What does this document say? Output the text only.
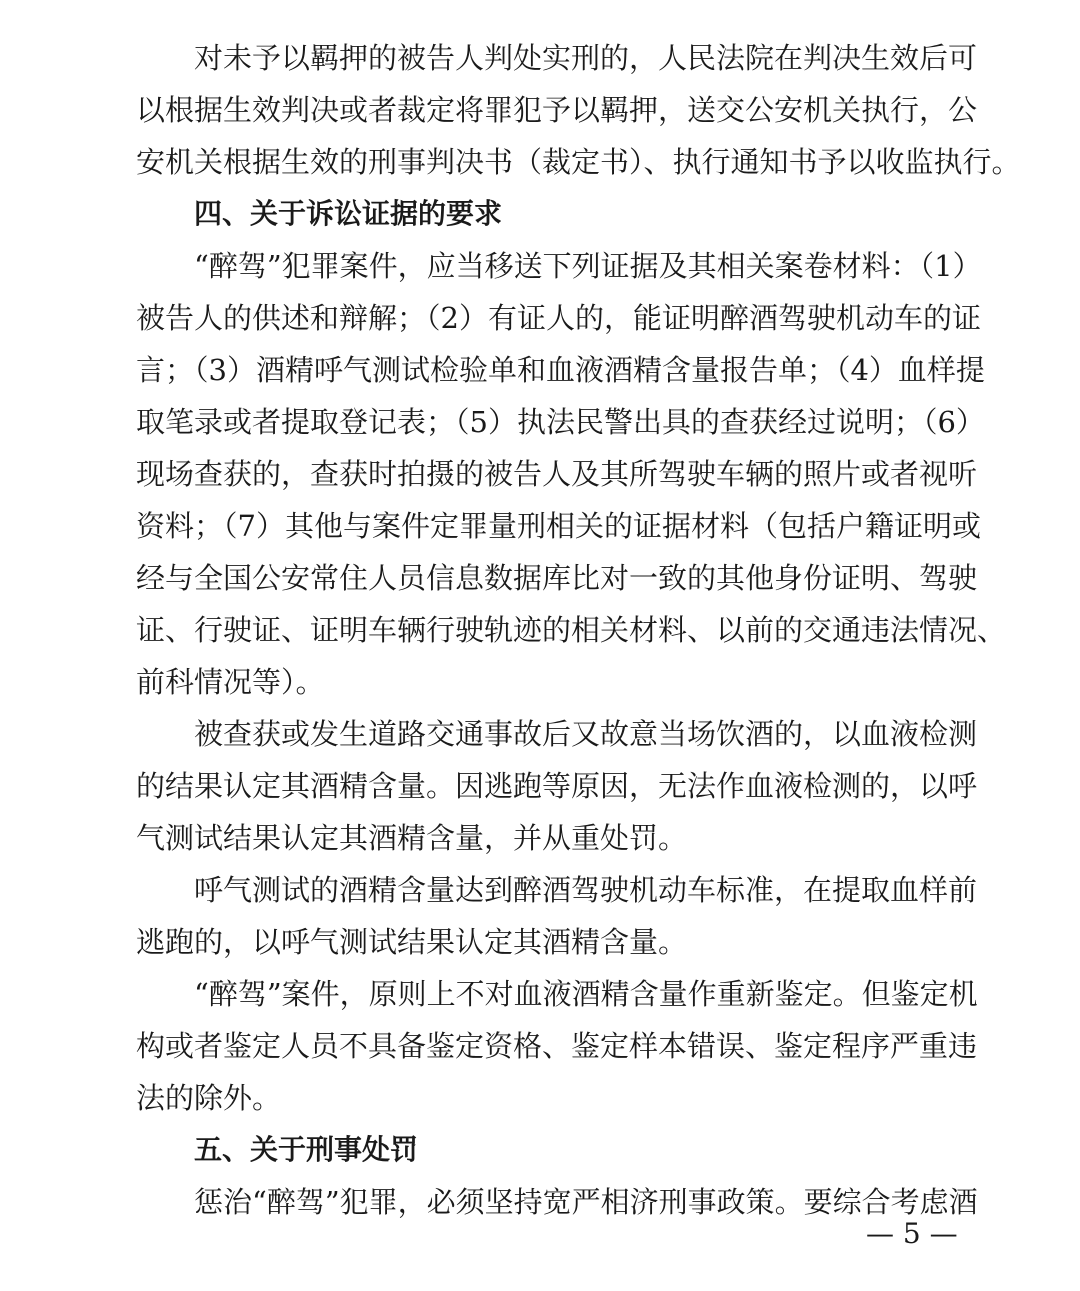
对未予以羁押的被告人判处实刑的，人民法院在判决生效后可
以根据生效判决或者裁定将罪犯予以羁押，送交公安机关执行，公
安机关根据生效的刑事判决书（裁定书）、执行通知书予以收监执行。
四、关于诉讼证据的要求
“醉驾”犯罪案件，应当移送下列证据及其相关案卷材料：（1）
被告人的供述和辩解；（2）有证人的，能证明醉酒驾驶机动车的证
言；（3）酒精呼气测试检验单和血液酒精含量报告单；（4）血样提
取笔录或者提取登记表；（5）执法民警出具的查获经过说明；（6）
现场查获的，查获时拍摄的被告人及其所驾驶车辆的照片或者视听
资料；（7）其他与案件定罪量刑相关的证据材料（包括户籍证明或
经与全国公安常住人员信息数据库比对一致的其他身份证明、驾驶
证、行驶证、证明车辆行驶轨迹的相关材料、以前的交通违法情况、
前科情况等）。
被查获或发生道路交通事故后又故意当场饮酒的，以血液检测
的结果认定其酒精含量。因逃跑等原因，无法作血液检测的，以呼
气测试结果认定其酒精含量，并从重处罚。
呼气测试的酒精含量达到醉酒驾驶机动车标准，在提取血样前
逃跑的，以呼气测试结果认定其酒精含量。
“醉驾”案件，原则上不对血液酒精含量作重新鉴定。但鉴定机
构或者鉴定人员不具备鉴定资格、鉴定样本错误、鉴定程序严重违
法的除外。
五、关于刑事处罚
惩治“醉驾”犯罪，必须坚持宽严相济刑事政策。要综合考虑酒
— 5 —
